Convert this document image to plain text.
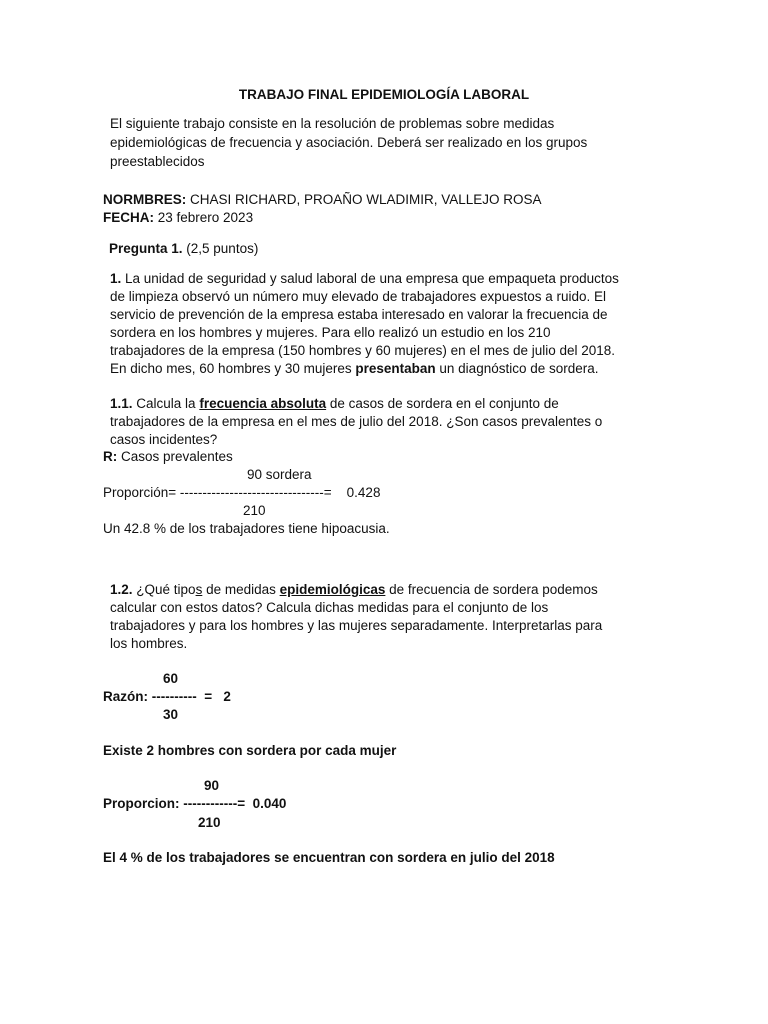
TRABAJO FINAL EPIDEMIOLOGÍA LABORAL
El siguiente trabajo consiste en la resolución de problemas sobre medidas
epidemiológicas de frecuencia y asociación. Deberá ser realizado en los grupos
preestablecidos
NORMBRES: CHASI RICHARD, PROAÑO WLADIMIR, VALLEJO ROSA
FECHA: 23 febrero 2023
Pregunta 1. (2,5 puntos)
1. La unidad de seguridad y salud laboral de una empresa que empaqueta productos
de limpieza observó un número muy elevado de trabajadores expuestos a ruido. El
servicio de prevención de la empresa estaba interesado en valorar la frecuencia de
sordera en los hombres y mujeres. Para ello realizó un estudio en los 210
trabajadores de la empresa (150 hombres y 60 mujeres) en el mes de julio del 2018.
En dicho mes, 60 hombres y 30 mujeres presentaban un diagnóstico de sordera.
1.1. Calcula la frecuencia absoluta de casos de sordera en el conjunto de
trabajadores de la empresa en el mes de julio del 2018. ¿Son casos prevalentes o
casos incidentes?
R: Casos prevalentes
90 sordera
Proporción= --------------------------------=    0.428
210
Un 42.8 % de los trabajadores tiene hipoacusia.
1.2. ¿Qué tipos de medidas epidemiológicas de frecuencia de sordera podemos
calcular con estos datos? Calcula dichas medidas para el conjunto de los
trabajadores y para los hombres y las mujeres separadamente. Interpretarlas para
los hombres.
60
Razón: ----------  =   2
30
Existe 2 hombres con sordera por cada mujer
90
Proporcion: ------------=  0.040
210
El 4 % de los trabajadores se encuentran con sordera en julio del 2018
